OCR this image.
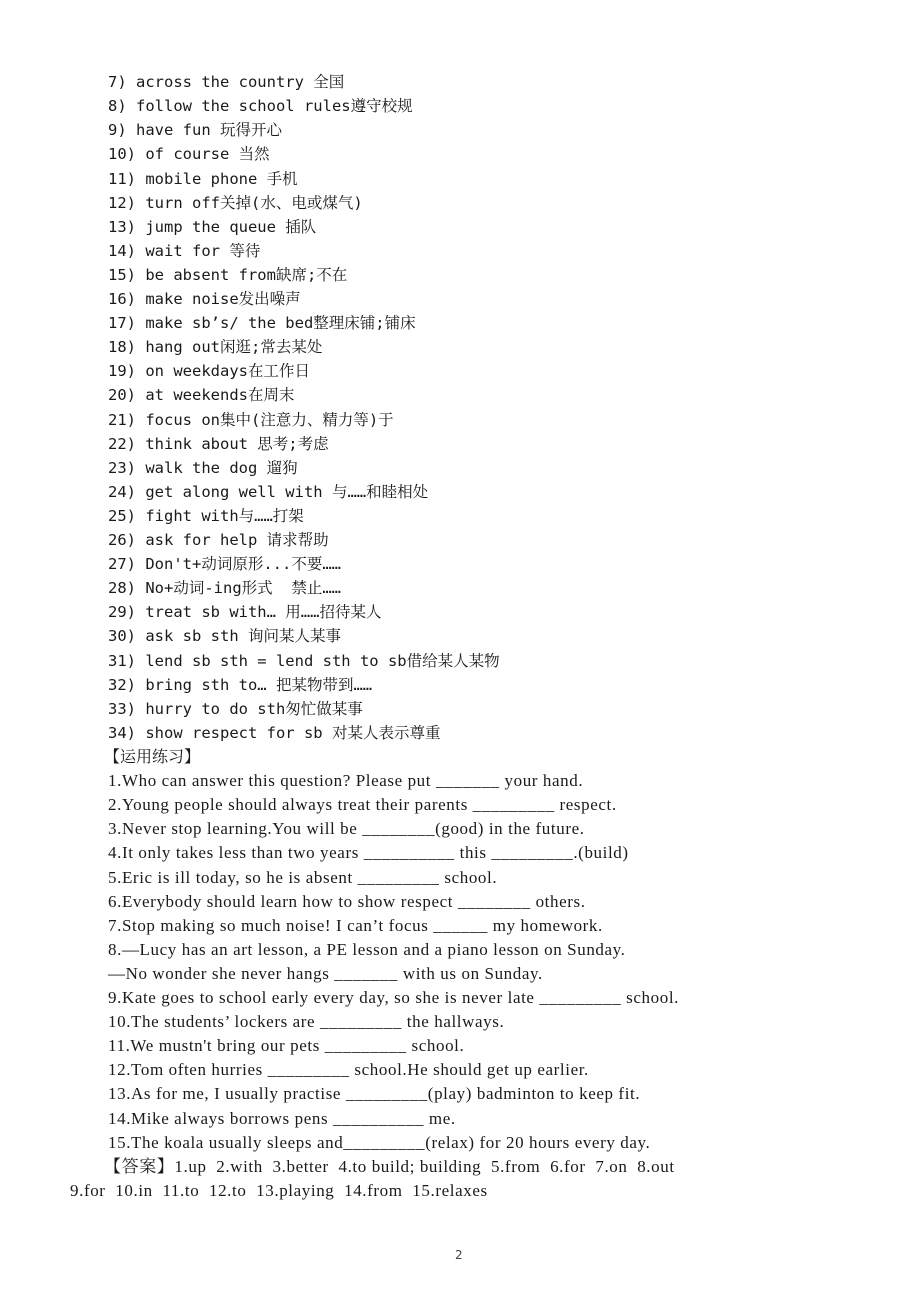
7) across the country 全国
8) follow the school rules遵守校规
9) have fun 玩得开心
10) of course 当然
11) mobile phone 手机
12) turn off关掉(水、电或煤气)
13) jump the queue 插队
14) wait for 等待
15) be absent from缺席;不在
16) make noise发出噪声
17) make sb’s/ the bed整理床铺;铺床
18) hang out闲逛;常去某处
19) on weekdays在工作日
20) at weekends在周末
21) focus on集中(注意力、精力等)于
22) think about 思考;考虑
23) walk the dog 遛狗
24) get along well with 与……和睦相处
25) fight with与……打架
26) ask for help 请求帮助
27) Don't+动词原形...不要……
28) No+动词-ing形式  禁止……
29) treat sb with… 用……招待某人
30) ask sb sth 询问某人某事
31) lend sb sth = lend sth to sb借给某人某物
32) bring sth to… 把某物带到……
33) hurry to do sth匆忙做某事
34) show respect for sb 对某人表示尊重
【运用练习】
1.Who can answer this question? Please put _______ your hand.
2.Young people should always treat their parents _________ respect.
3.Never stop learning.You will be ________(good) in the future.
4.It only takes less than two years __________ this _________.(build)
5.Eric is ill today, so he is absent _________ school.
6.Everybody should learn how to show respect ________ others.
7.Stop making so much noise! I can’t focus ______ my homework.
8.—Lucy has an art lesson, a PE lesson and a piano lesson on Sunday.
—No wonder she never hangs _______ with us on Sunday.
9.Kate goes to school early every day, so she is never late _________ school.
10.The students’ lockers are _________ the hallways.
11.We mustn't bring our pets _________ school.
12.Tom often hurries _________ school.He should get up earlier.
13.As for me, I usually practise _________(play) badminton to keep fit.
14.Mike always borrows pens __________ me.
15.The koala usually sleeps and_________(relax) for 20 hours every day.
【答案】1.up  2.with  3.better  4.to build; building  5.from  6.for  7.on  8.out
9.for  10.in  11.to  12.to  13.playing  14.from  15.relaxes
2
